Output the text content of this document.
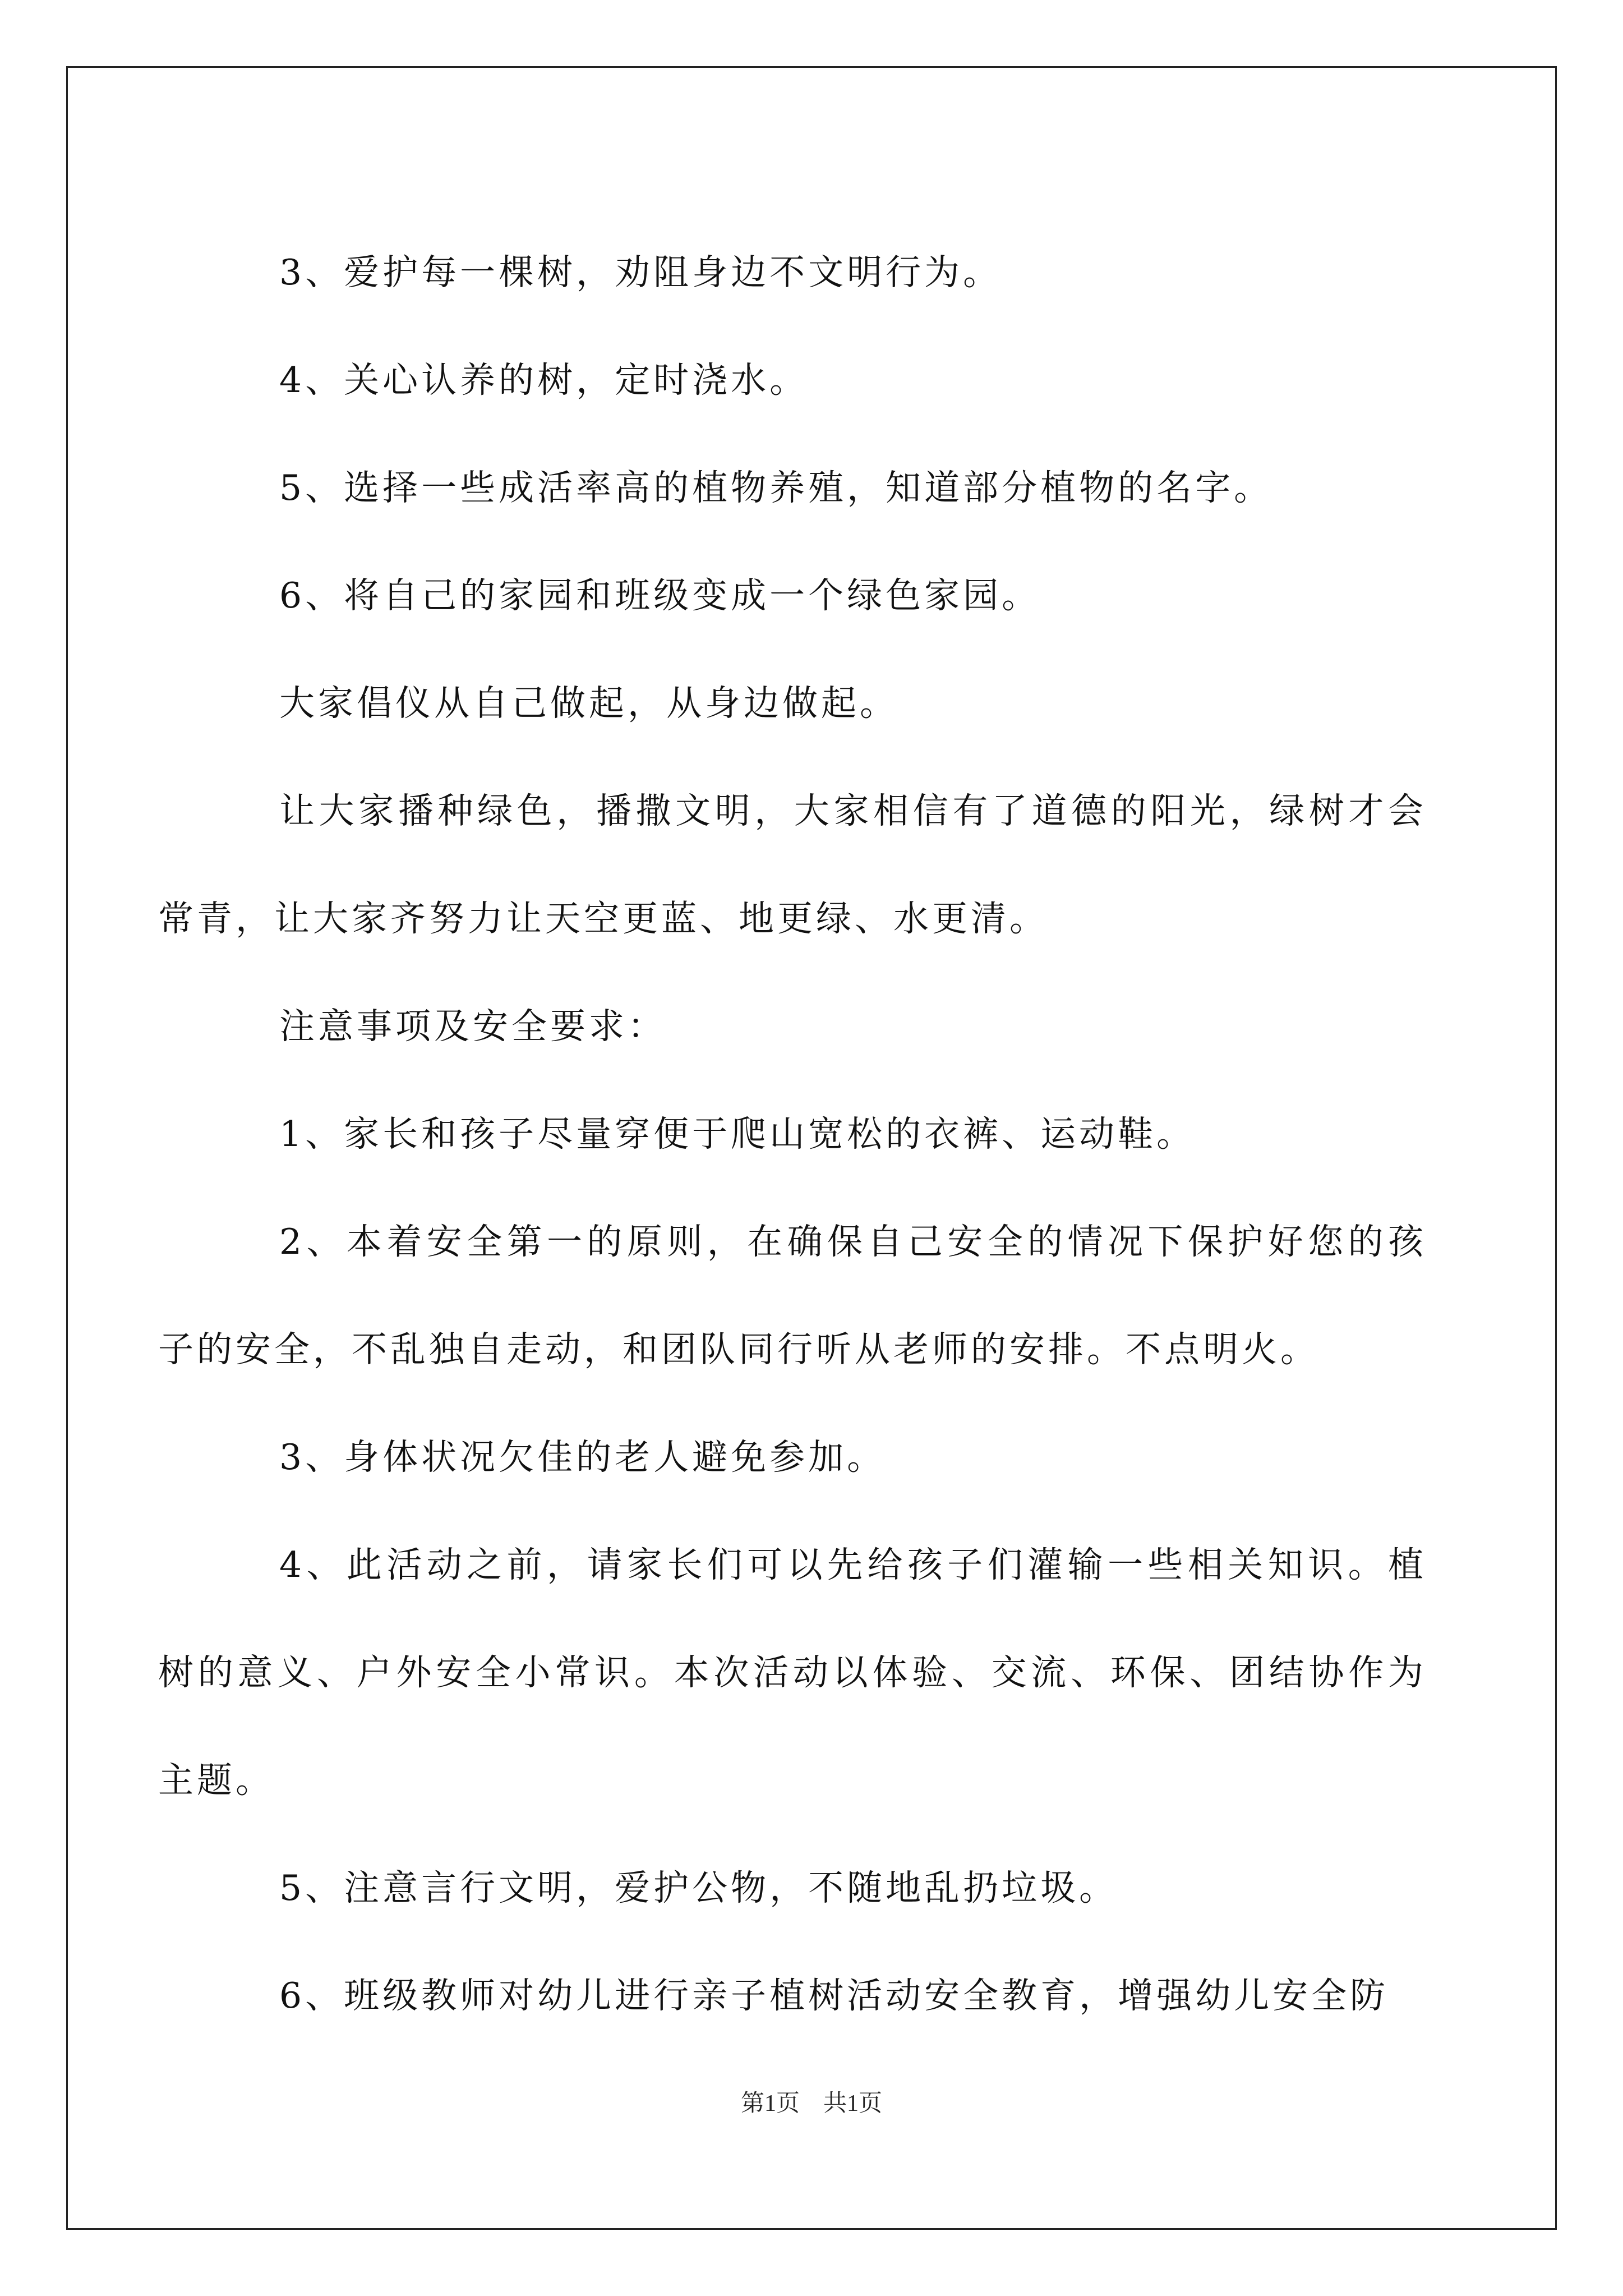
3、爱护每一棵树，劝阻身边不文明行为。

4、关心认养的树，定时浇水。

5、选择一些成活率高的植物养殖，知道部分植物的名字。

6、将自己的家园和班级变成一个绿色家园。

大家倡仪从自己做起，从身边做起。

让大家播种绿色，播撒文明，大家相信有了道德的阳光，绿树才会常青，让大家齐努力让天空更蓝、地更绿、水更清。

注意事项及安全要求：

1、家长和孩子尽量穿便于爬山宽松的衣裤、运动鞋。

2、本着安全第一的原则，在确保自己安全的情况下保护好您的孩子的安全，不乱独自走动，和团队同行听从老师的安排。不点明火。

3、身体状况欠佳的老人避免参加。

4、此活动之前，请家长们可以先给孩子们灌输一些相关知识。植树的意义、户外安全小常识。本次活动以体验、交流、环保、团结协作为主题。

5、注意言行文明，爱护公物，不随地乱扔垃圾。

6、班级教师对幼儿进行亲子植树活动安全教育，增强幼儿安全防

第1页　共1页
